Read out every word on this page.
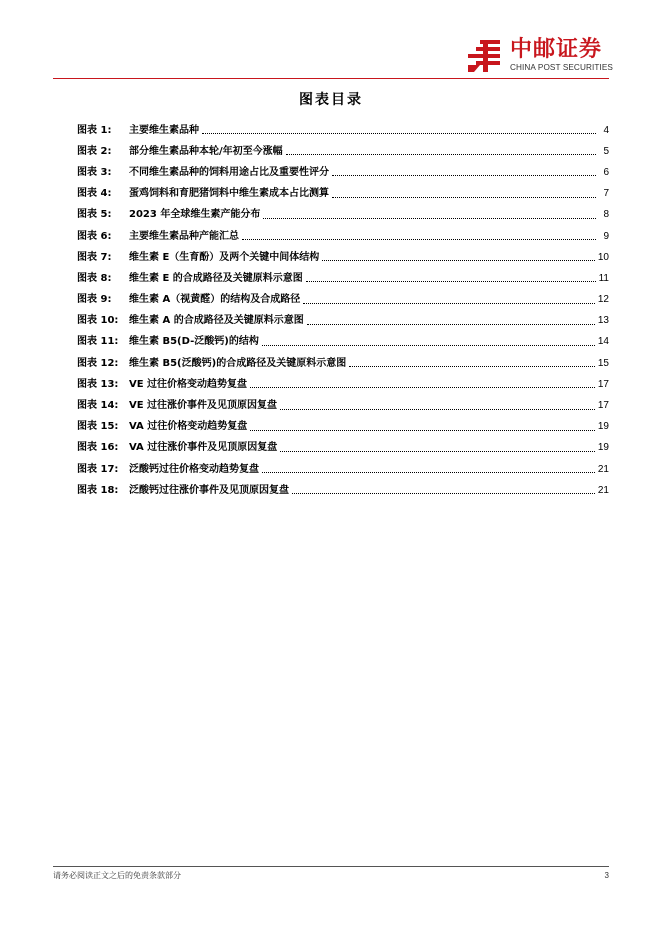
中邮证券
CHINA POST SECURITIES
图表目录
图表 1:	主要维生素品种	4
图表 2:	部分维生素品种本轮/年初至今涨幅	5
图表 3:	不同维生素品种的饲料用途占比及重要性评分	6
图表 4:	蛋鸡饲料和育肥猪饲料中维生素成本占比测算	7
图表 5:	2023 年全球维生素产能分布	8
图表 6:	主要维生素品种产能汇总	9
图表 7:	维生素 E（生育酚）及两个关键中间体结构	10
图表 8:	维生素 E 的合成路径及关键原料示意图	11
图表 9:	维生素 A（视黄醛）的结构及合成路径	12
图表 10:	维生素 A 的合成路径及关键原料示意图	13
图表 11:	维生素 B5(D-泛酸钙)的结构	14
图表 12:	维生素 B5(泛酸钙)的合成路径及关键原料示意图	15
图表 13:	VE 过往价格变动趋势复盘	17
图表 14:	VE 过往涨价事件及见顶原因复盘	17
图表 15:	VA 过往价格变动趋势复盘	19
图表 16:	VA 过往涨价事件及见顶原因复盘	19
图表 17:	泛酸钙过往价格变动趋势复盘	21
图表 18:	泛酸钙过往涨价事件及见顶原因复盘	21
请务必阅读正文之后的免责条款部分	3
